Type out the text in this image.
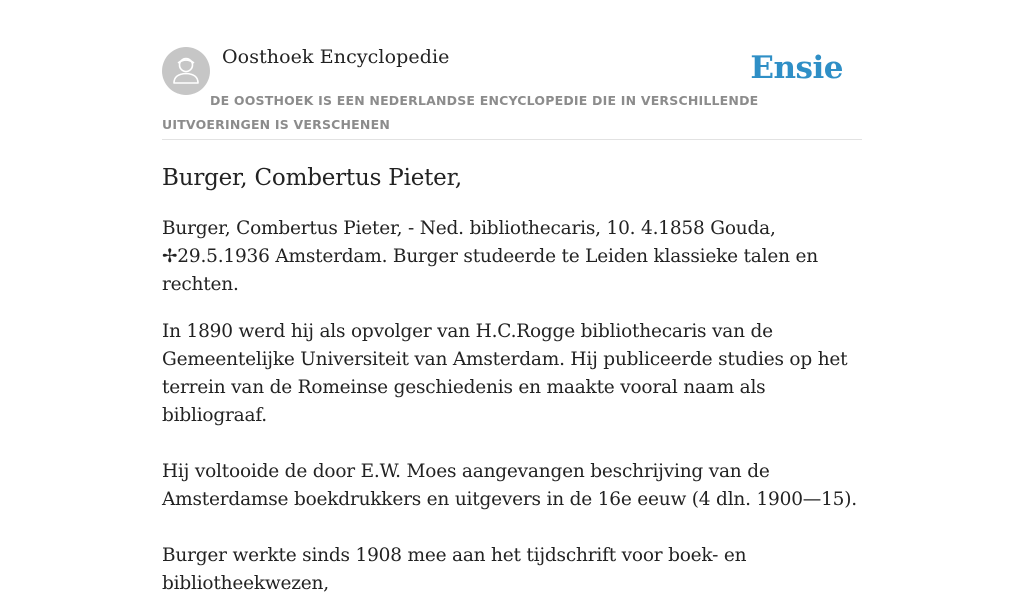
Oosthoek Encyclopedie	Ensie
DE OOSTHOEK IS EEN NEDERLANDSE ENCYCLOPEDIE DIE IN VERSCHILLENDE UITVOERINGEN IS VERSCHENEN
Burger, Combertus Pieter,

Burger, Combertus Pieter, - Ned. bibliothecaris, 10. 4.1858 Gouda, ✢29.5.1936 Amsterdam. Burger studeerde te Leiden klassieke talen en rechten.

In 1890 werd hij als opvolger van H.C.Rogge bibliothecaris van de Gemeentelijke Universiteit van Amsterdam. Hij publiceerde studies op het terrein van de Romeinse geschiedenis en maakte vooral naam als bibliograaf.

Hij voltooide de door E.W. Moes aangevangen beschrijving van de Amsterdamse boekdrukkers en uitgevers in de 16e eeuw (4 dln. 1900—15).

Burger werkte sinds 1908 mee aan het tijdschrift voor boek- en bibliotheekwezen,
